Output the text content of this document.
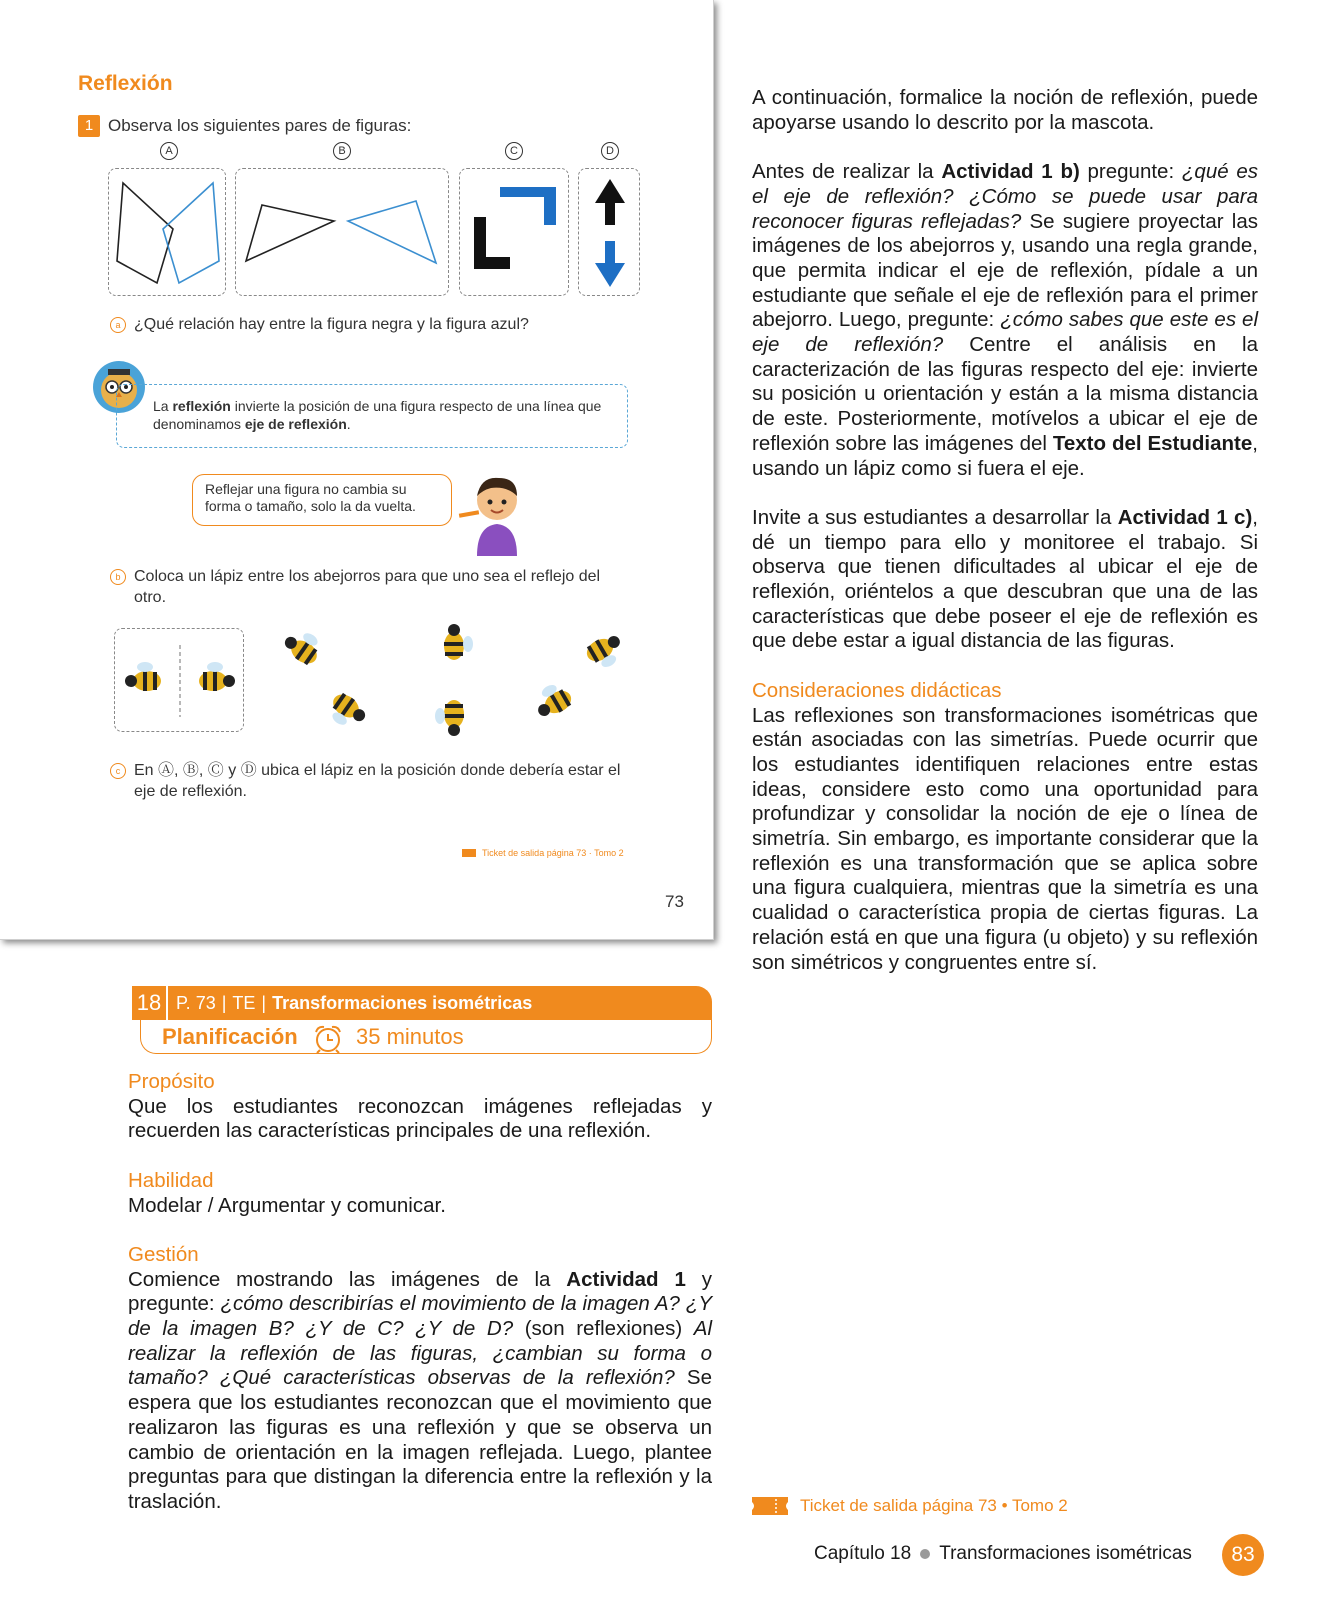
Reflexión
1 Observa los siguientes pares de figuras:
A	B	C	D
a ¿Qué relación hay entre la figura negra y la figura azul?
La reflexión invierte la posición de una figura respecto de una línea que denominamos eje de reflexión.
Reflejar una figura no cambia su forma o tamaño, solo la da vuelta.
b Coloca un lápiz entre los abejorros para que uno sea el reflejo del otro.
c En Ⓐ, Ⓑ, Ⓒ y Ⓓ ubica el lápiz en la posición donde debería estar el eje de reflexión.
Ticket de salida página 73 · Tomo 2
73

A continuación, formalice la noción de reflexión, puede apoyarse usando lo descrito por la mascota.

Antes de realizar la Actividad 1 b) pregunte: ¿qué es el eje de reflexión? ¿Cómo se puede usar para reconocer figuras reflejadas? Se sugiere proyectar las imágenes de los abejorros y, usando una regla grande, que permita indicar el eje de reflexión, pídale a un estudiante que señale el eje de reflexión para el primer abejorro. Luego, pregunte: ¿cómo sabes que este es el eje de reflexión? Centre el análisis en la caracterización de las figuras respecto del eje: invierte su posición u orientación y están a la misma distancia de este. Posteriormente, motívelos a ubicar el eje de reflexión sobre las imágenes del Texto del Estudiante, usando un lápiz como si fuera el eje.

Invite a sus estudiantes a desarrollar la Actividad 1 c), dé un tiempo para ello y monitoree el trabajo. Si observa que tienen dificultades al ubicar el eje de reflexión, oriéntelos a que descubran que una de las características que debe poseer el eje de reflexión es que debe estar a igual distancia de las figuras.

Consideraciones didácticas

Las reflexiones son transformaciones isométricas que están asociadas con las simetrías. Puede ocurrir que los estudiantes identifiquen relaciones entre estas ideas, considere esto como una oportunidad para profundizar y consolidar la noción de eje o línea de simetría. Sin embargo, es importante considerar que la reflexión es una transformación que se aplica sobre una figura cualquiera, mientras que la simetría es una cualidad o característica propia de ciertas figuras. La relación está en que una figura (u objeto) y su reflexión son simétricos y congruentes entre sí.

18 P. 73 | TE | Transformaciones isométricas
Planificación	35 minutos
Propósito

Que los estudiantes reconozcan imágenes reflejadas y recuerden las características principales de una reflexión.

Habilidad

Modelar / Argumentar y comunicar.

Gestión

Comience mostrando las imágenes de la Actividad 1 y pregunte: ¿cómo describirías el movimiento de la imagen A? ¿Y de la imagen B? ¿Y de C? ¿Y de D? (son reflexiones) Al realizar la reflexión de las figuras, ¿cambian su forma o tamaño? ¿Qué características observas de la reflexión? Se espera que los estudiantes reconozcan que el movimiento que realizaron las figuras es una reflexión y que se observa un cambio de orientación en la imagen reflejada. Luego, plantee preguntas para que distingan la diferencia entre la reflexión y la traslación.	Ticket de salida página 73 • Tomo 2
Capítulo 18 Transformaciones isométricas	83
